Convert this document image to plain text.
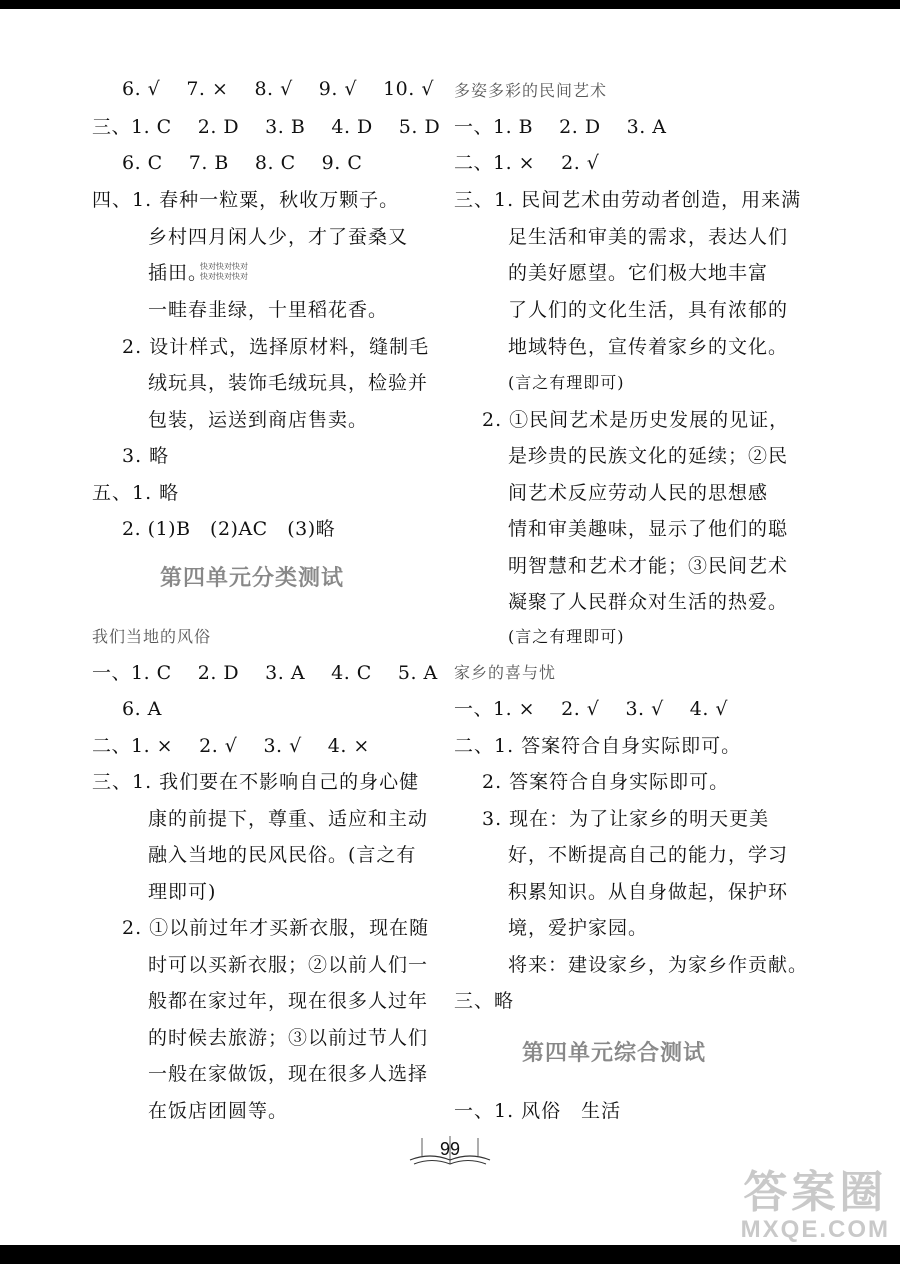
6. √　 7. ×　 8. √　 9. √　 10. √
三、1. C　 2. D　 3. B　 4. D　 5. D
6. C　 7. B　 8. C　 9. C
四、1. 春种一粒粟，秋收万颗子。
乡村四月闲人少，才了蚕桑又
插田。
快对快对快对
快对快对快对
一畦春韭绿，十里稻花香。
2. 设计样式，选择原材料，缝制毛
绒玩具，装饰毛绒玩具，检验并
包装，运送到商店售卖。
3. 略
五、1. 略
2. (1)B　(2)AC　(3)略
第四单元分类测试
我们当地的风俗
一、1. C　 2. D　 3. A　 4. C　 5. A
6. A
二、1. ×　 2. √　 3. √　 4. ×
三、1. 我们要在不影响自己的身心健
康的前提下，尊重、适应和主动
融入当地的民风民俗。(言之有
理即可)
2. ①以前过年才买新衣服，现在随
时可以买新衣服；②以前人们一
般都在家过年，现在很多人过年
的时候去旅游；③以前过节人们
一般在家做饭，现在很多人选择
在饭店团圆等。
多姿多彩的民间艺术
一、1. B　 2. D　 3. A
二、1. ×　 2. √
三、1. 民间艺术由劳动者创造，用来满
足生活和审美的需求，表达人们
的美好愿望。它们极大地丰富
了人们的文化生活，具有浓郁的
地域特色，宣传着家乡的文化。
(言之有理即可)
2. ①民间艺术是历史发展的见证，
是珍贵的民族文化的延续；②民
间艺术反应劳动人民的思想感
情和审美趣味，显示了他们的聪
明智慧和艺术才能；③民间艺术
凝聚了人民群众对生活的热爱。
(言之有理即可)
家乡的喜与忧
一、1. ×　 2. √　 3. √　 4. √
二、1. 答案符合自身实际即可。
2. 答案符合自身实际即可。
3. 现在：为了让家乡的明天更美
好，不断提高自己的能力，学习
积累知识。从自身做起，保护环
境，爱护家园。
将来：建设家乡，为家乡作贡献。
三、略
第四单元综合测试
一、1. 风俗　生活
99
答案圈
MXQE.COM
